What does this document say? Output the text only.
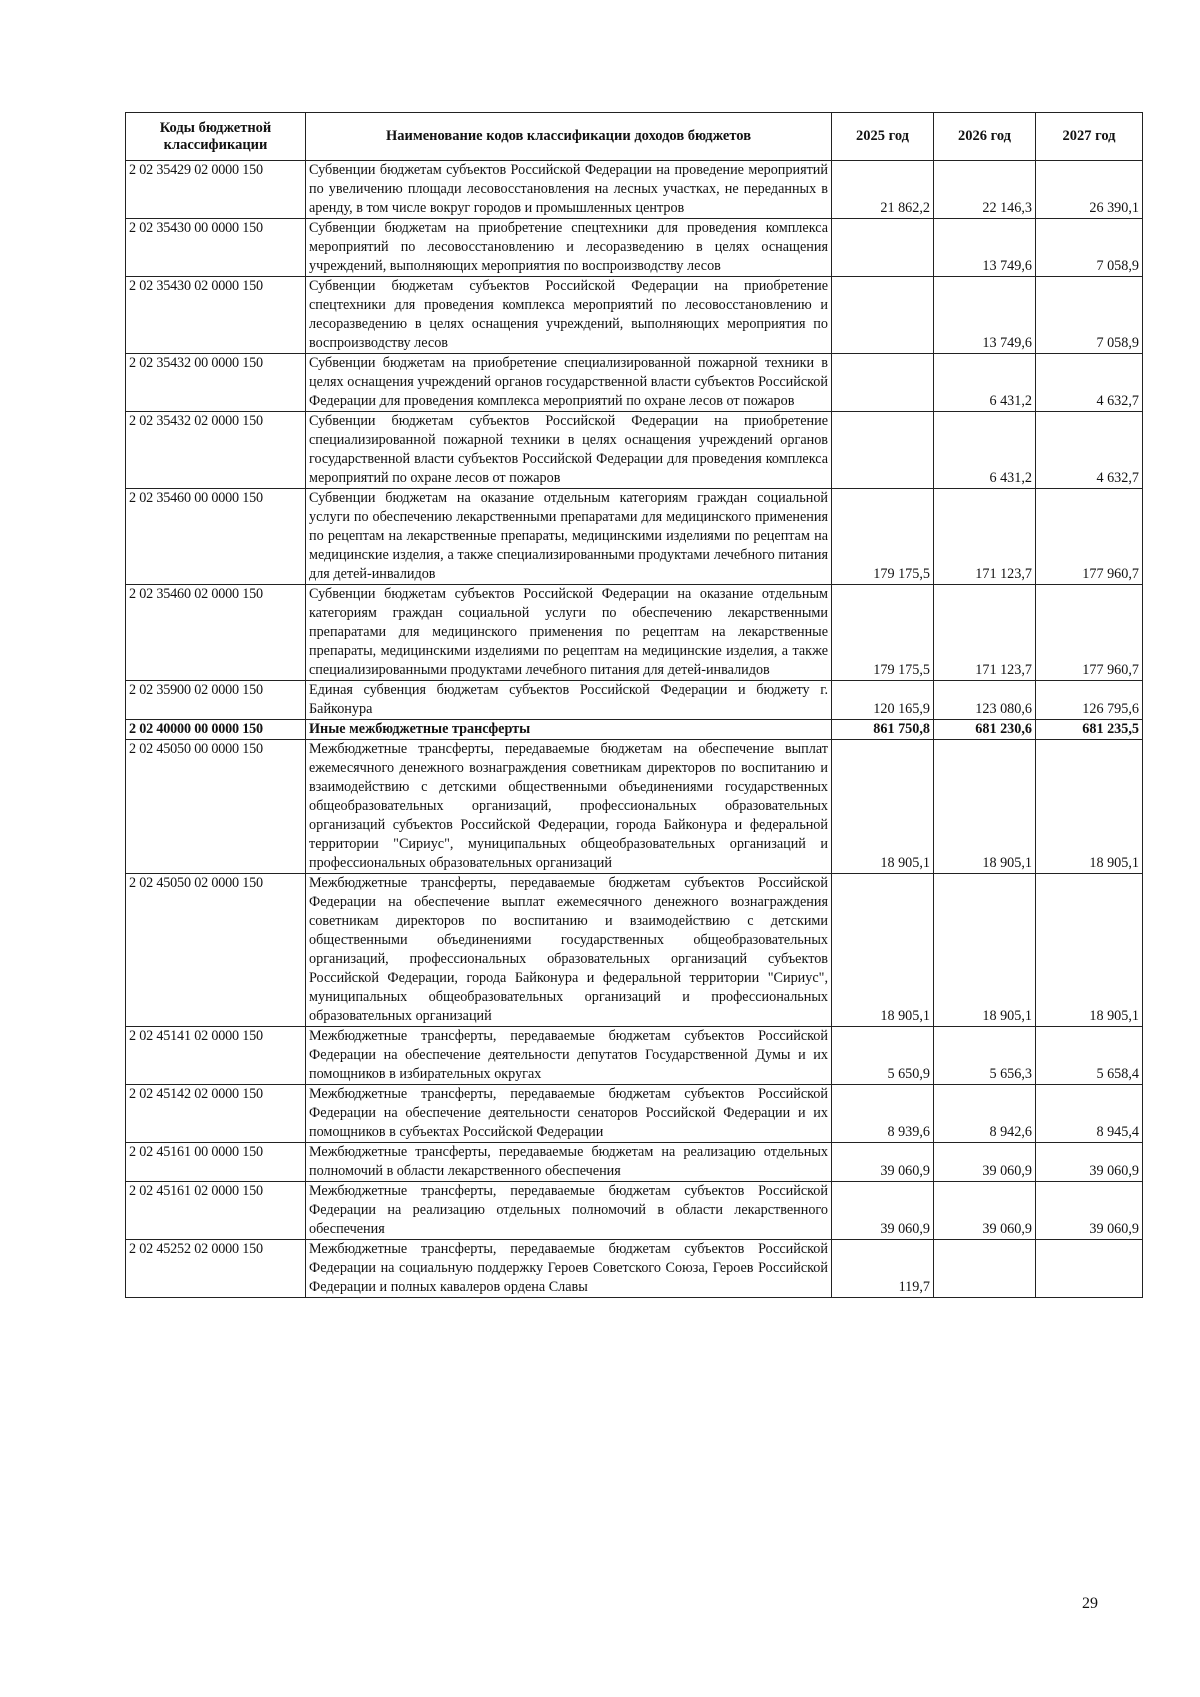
Коды бюджетной классификации	Наименование кодов классификации доходов бюджетов	2025 год	2026 год	2027 год
2 02 35429 02 0000 150	Субвенции бюджетам субъектов Российской Федерации на проведение мероприятий по увеличению площади лесовосстановления на лесных участках, не переданных в аренду, в том числе вокруг городов и промышленных центров	21 862,2	22 146,3	26 390,1
2 02 35430 00 0000 150	Субвенции бюджетам на приобретение спецтехники для проведения комплекса мероприятий по лесовосстановлению и лесоразведению в целях оснащения учреждений, выполняющих мероприятия по воспроизводству лесов		13 749,6	7 058,9
2 02 35430 02 0000 150	Субвенции бюджетам субъектов Российской Федерации на приобретение спецтехники для проведения комплекса мероприятий по лесовосстановлению и лесоразведению в целях оснащения учреждений, выполняющих мероприятия по воспроизводству лесов		13 749,6	7 058,9
2 02 35432 00 0000 150	Субвенции бюджетам на приобретение специализированной пожарной техники в целях оснащения учреждений органов государственной власти субъектов Российской Федерации для проведения комплекса мероприятий по охране лесов от пожаров		6 431,2	4 632,7
2 02 35432 02 0000 150	Субвенции бюджетам субъектов Российской Федерации на приобретение специализированной пожарной техники в целях оснащения учреждений органов государственной власти субъектов Российской Федерации для проведения комплекса мероприятий по охране лесов от пожаров		6 431,2	4 632,7
2 02 35460 00 0000 150	Субвенции бюджетам на оказание отдельным категориям граждан социальной услуги по обеспечению лекарственными препаратами для медицинского применения по рецептам на лекарственные препараты, медицинскими изделиями по рецептам на медицинские изделия, а также специализированными продуктами лечебного питания для детей-инвалидов	179 175,5	171 123,7	177 960,7
2 02 35460 02 0000 150	Субвенции бюджетам субъектов Российской Федерации на оказание отдельным категориям граждан социальной услуги по обеспечению лекарственными препаратами для медицинского применения по рецептам на лекарственные препараты, медицинскими изделиями по рецептам на медицинские изделия, а также специализированными продуктами лечебного питания для детей-инвалидов	179 175,5	171 123,7	177 960,7
2 02 35900 02 0000 150	Единая субвенция бюджетам субъектов Российской Федерации и бюджету г. Байконура	120 165,9	123 080,6	126 795,6
2 02 40000 00 0000 150	Иные межбюджетные трансферты	861 750,8	681 230,6	681 235,5
2 02 45050 00 0000 150	Межбюджетные трансферты, передаваемые бюджетам на обеспечение выплат ежемесячного денежного вознаграждения советникам директоров по воспитанию и взаимодействию с детскими общественными объединениями государственных общеобразовательных организаций, профессиональных образовательных организаций субъектов Российской Федерации, города Байконура и федеральной территории "Сириус", муниципальных общеобразовательных организаций и профессиональных образовательных организаций	18 905,1	18 905,1	18 905,1
2 02 45050 02 0000 150	Межбюджетные трансферты, передаваемые бюджетам субъектов Российской Федерации на обеспечение выплат ежемесячного денежного вознаграждения советникам директоров по воспитанию и взаимодействию с детскими общественными объединениями государственных общеобразовательных организаций, профессиональных образовательных организаций субъектов Российской Федерации, города Байконура и федеральной территории "Сириус", муниципальных общеобразовательных организаций и профессиональных образовательных организаций	18 905,1	18 905,1	18 905,1
2 02 45141 02 0000 150	Межбюджетные трансферты, передаваемые бюджетам субъектов Российской Федерации на обеспечение деятельности депутатов Государственной Думы и их помощников в избирательных округах	5 650,9	5 656,3	5 658,4
2 02 45142 02 0000 150	Межбюджетные трансферты, передаваемые бюджетам субъектов Российской Федерации на обеспечение деятельности сенаторов Российской Федерации и их помощников в субъектах Российской Федерации	8 939,6	8 942,6	8 945,4
2 02 45161 00 0000 150	Межбюджетные трансферты, передаваемые бюджетам на реализацию отдельных полномочий в области лекарственного обеспечения	39 060,9	39 060,9	39 060,9
2 02 45161 02 0000 150	Межбюджетные трансферты, передаваемые бюджетам субъектов Российской Федерации на реализацию отдельных полномочий в области лекарственного обеспечения	39 060,9	39 060,9	39 060,9
2 02 45252 02 0000 150	Межбюджетные трансферты, передаваемые бюджетам субъектов Российской Федерации на социальную поддержку Героев Советского Союза, Героев Российской Федерации и полных кавалеров ордена Славы	119,7		
29
